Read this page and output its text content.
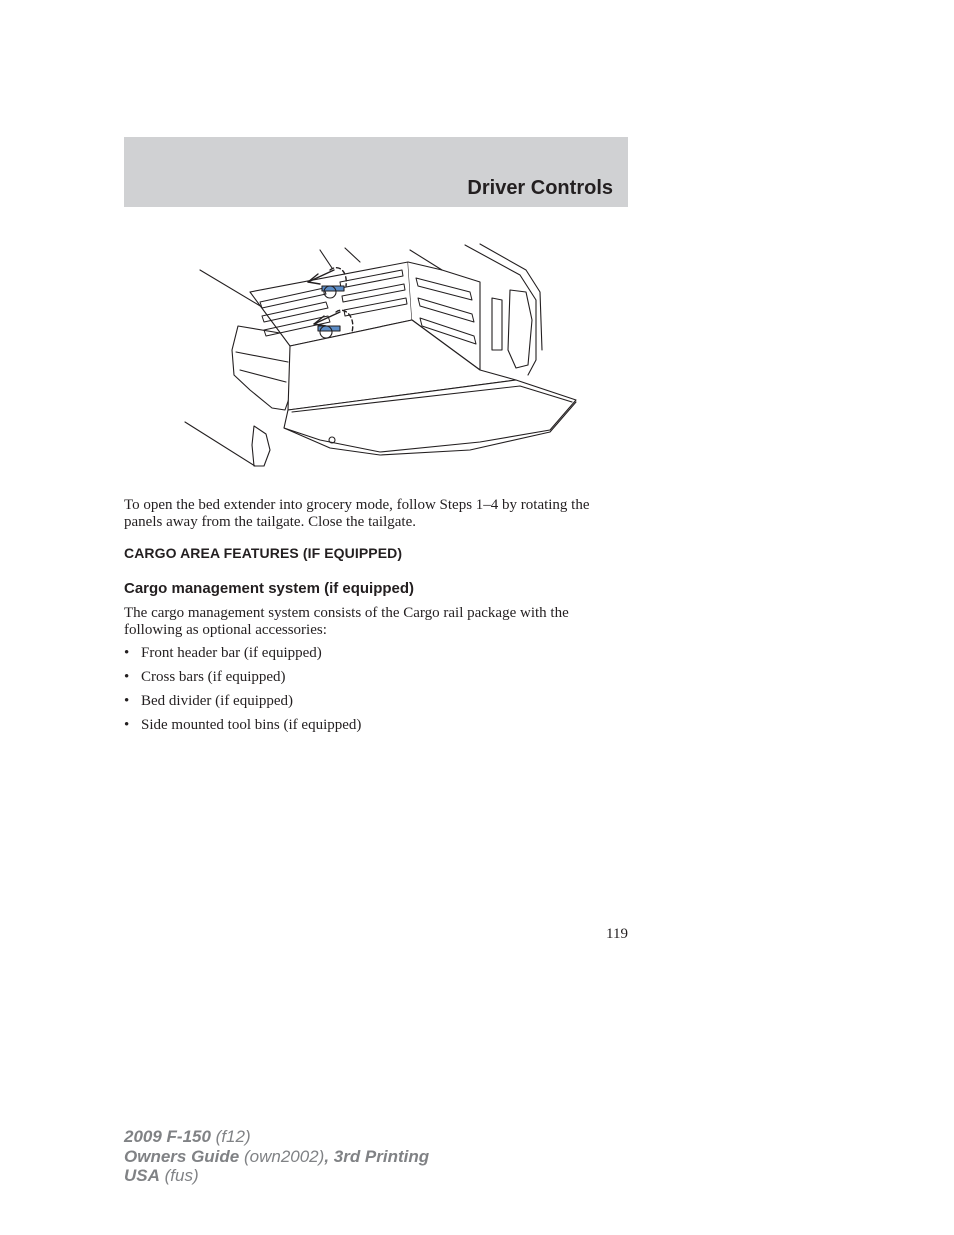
Driver Controls

To open the bed extender into grocery mode, follow Steps 1–4 by rotating the panels away from the tailgate. Close the tailgate.

CARGO AREA FEATURES (IF EQUIPPED)
Cargo management system (if equipped)

The cargo management system consists of the Cargo rail package with the following as optional accessories:

• Front header bar (if equipped)
• Cross bars (if equipped)
• Bed divider (if equipped)
• Side mounted tool bins (if equipped)
119
2009 F-150 (f12)
Owners Guide (own2002), 3rd Printing
USA (fus)
